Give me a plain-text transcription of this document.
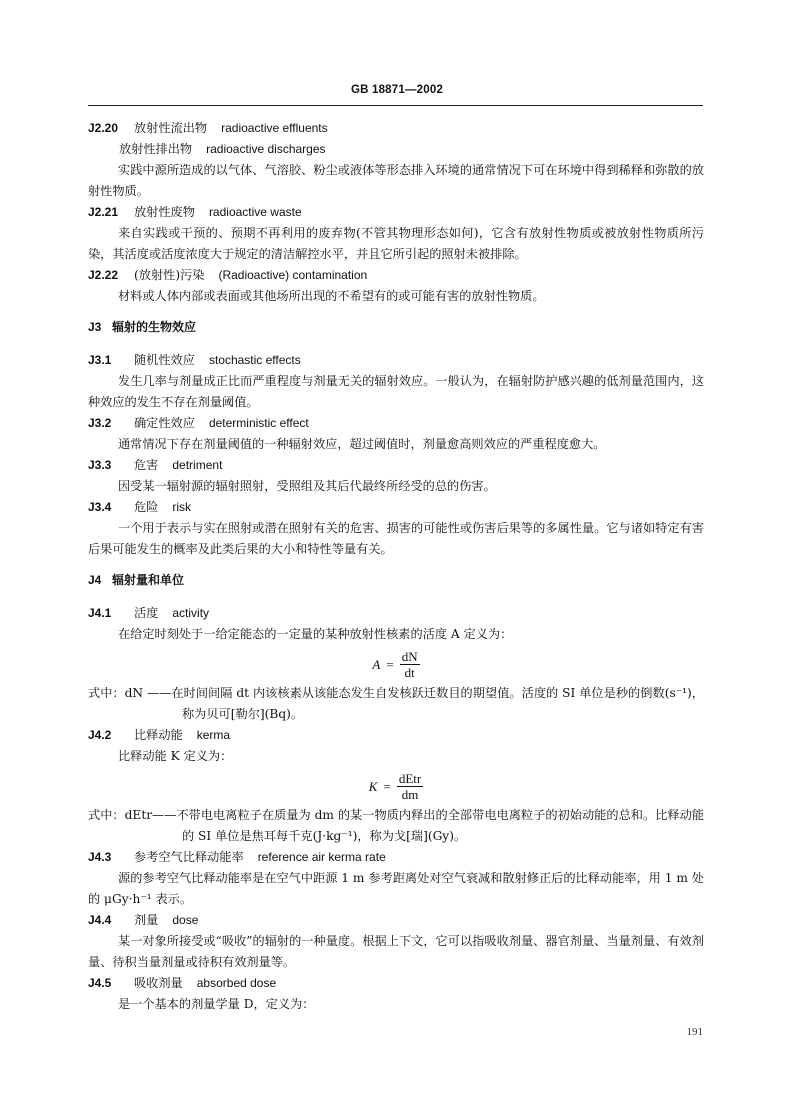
GB 18871—2002
J2.20 放射性流出物 radioactive effluents
放射性排出物 radioactive discharges
实践中源所造成的以气体、气溶胶、粉尘或液体等形态排入环境的通常情况下可在环境中得到稀释和弥散的放射性物质。
J2.21 放射性废物 radioactive waste
来自实践或干预的、预期不再利用的废弃物(不管其物理形态如何)，它含有放射性物质或被放射性物质所污染，其活度或活度浓度大于规定的清洁解控水平，并且它所引起的照射未被排除。
J2.22 (放射性)污染 (Radioactive) contamination
材料或人体内部或表面或其他场所出现的不希望有的或可能有害的放射性物质。
J3 辐射的生物效应
J3.1 随机性效应 stochastic effects
发生几率与剂量成正比而严重程度与剂量无关的辐射效应。一般认为，在辐射防护感兴趣的低剂量范围内，这种效应的发生不存在剂量阈值。
J3.2 确定性效应 deterministic effect
通常情况下存在剂量阈值的一种辐射效应，超过阈值时，剂量愈高则效应的严重程度愈大。
J3.3 危害 detriment
因受某一辐射源的辐射照射，受照组及其后代最终所经受的总的伤害。
J3.4 危险 risk
一个用于表示与实在照射或潜在照射有关的危害、损害的可能性或伤害后果等的多属性量。它与诸如特定有害后果可能发生的概率及此类后果的大小和特性等量有关。
J4 辐射量和单位
J4.1 活度 activity
在给定时刻处于一给定能态的一定量的某种放射性核素的活度 A 定义为：
$A = \frac{dN}{dt}$
式中：dN ——在时间间隔 dt 内该核素从该能态发生自发核跃迁数目的期望值。活度的 SI 单位是秒的倒数(s⁻¹)，称为贝可[勒尔](Bq)。
J4.2 比释动能 kerma
比释动能 K 定义为：
$K = \frac{\text{dEtr}}{dm}$
式中：dEtr——不带电电离粒子在质量为 dm 的某一物质内释出的全部带电电离粒子的初始动能的总和。比释动能的 SI 单位是焦耳每千克(J·kg⁻¹)，称为戈[瑞](Gy)。
J4.3 参考空气比释动能率 reference air kerma rate
源的参考空气比释动能率是在空气中距源 1 m 参考距离处对空气衰减和散射修正后的比释动能率，用 1 m 处的 μGy·h⁻¹ 表示。
J4.4 剂量 dose
某一对象所接受或“吸收”的辐射的一种量度。根据上下文，它可以指吸收剂量、器官剂量、当量剂量、有效剂量、待积当量剂量或待积有效剂量等。
J4.5 吸收剂量 absorbed dose
是一个基本的剂量学量 D，定义为：
191
